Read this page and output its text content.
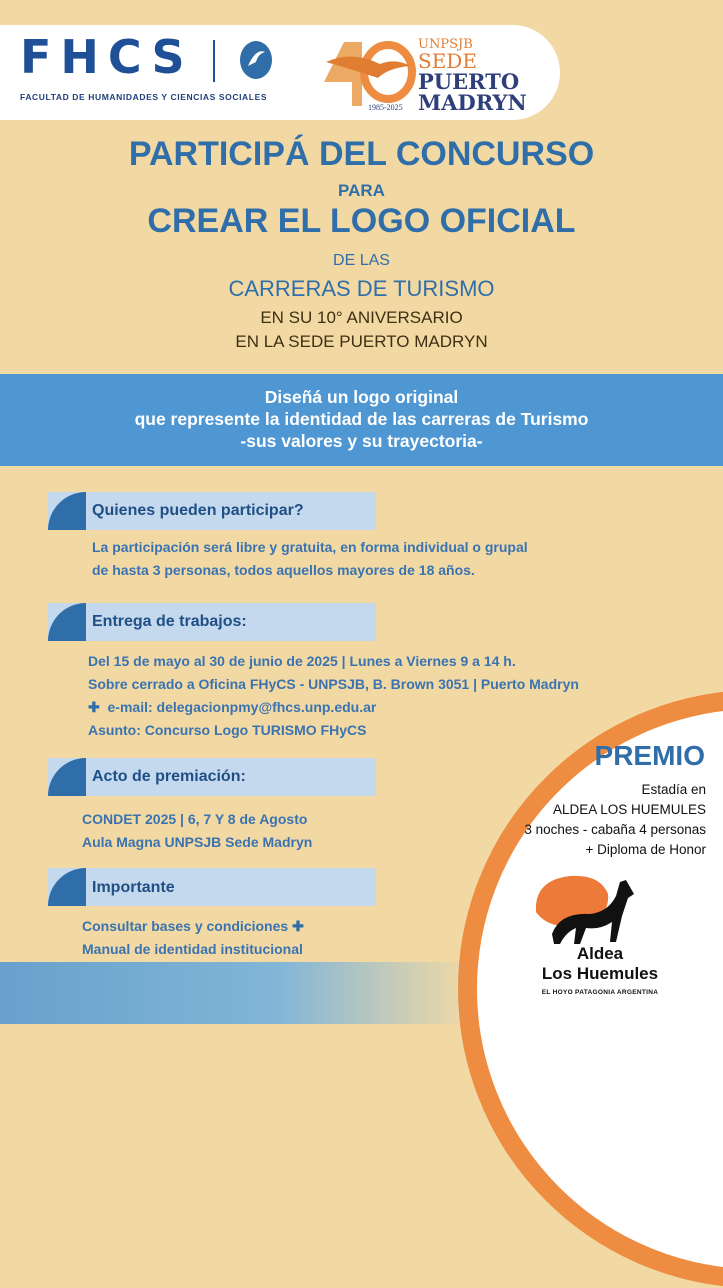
FHCS
FACULTAD DE HUMANIDADES Y CIENCIAS SOCIALES
1985-2025
UNPSJB
SEDE
PUERTO
MADRYN
PARTICIPÁ DEL CONCURSO
PARA
CREAR EL LOGO OFICIAL
DE LAS
CARRERAS DE TURISMO
EN SU 10° ANIVERSARIO
EN LA SEDE PUERTO MADRYN
Diseñá un logo original
que represente la identidad de las carreras de Turismo
-sus valores y su trayectoria-
Quienes pueden participar?
La participación será libre y gratuita, en forma individual o grupal
de hasta 3 personas, todos aquellos mayores de 18 años.
Entrega de trabajos:
Del 15 de mayo al 30 de junio de 2025 | Lunes a Viernes 9 a 14 h.
Sobre cerrado a Oficina FHyCS - UNPSJB, B. Brown 3051 | Puerto Madryn
✚ e-mail: delegacionpmy@fhcs.unp.edu.ar
Asunto: Concurso Logo TURISMO FHyCS
Acto de premiación:
CONDET 2025 | 6, 7 Y 8 de Agosto
Aula Magna UNPSJB Sede Madryn
Importante
Consultar bases y condiciones ✚
Manual de identidad institucional
PREMIO
Estadía en
ALDEA LOS HUEMULES
3 noches - cabaña 4 personas
+ Diploma de Honor
Aldea
Los Huemules
EL HOYO PATAGONIA ARGENTINA
